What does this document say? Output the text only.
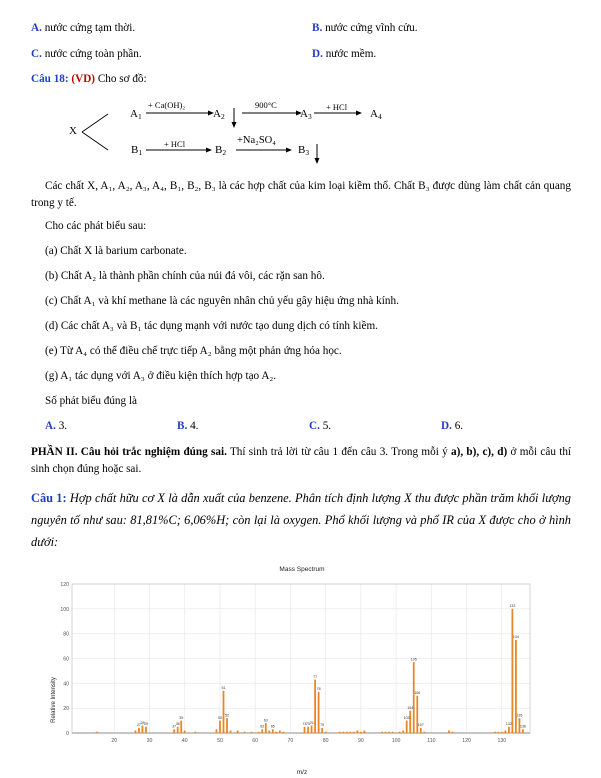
A. nước cứng tạm thời.	B. nước cứng vĩnh cửu.
C. nước cứng toàn phần.	D. nước mềm.
Câu 18: (VD) Cho sơ đồ:
X
$A_1$	$A_2$	$A_3$	$A_4$
$B_1$	$B_2$	$B_3$
+ Ca(OH)₂	900°C	+ HCl
+ HCl	+Na₂SO₄
Các chất X, A₁, A₂, A₃, A₄, B₁, B₂, B₃ là các hợp chất của kim loại kiềm thổ. Chất B₃ được dùng làm chất cản quang trong y tế.
Cho các phát biểu sau:
(a) Chất X là barium carbonate.
(b) Chất A₂ là thành phần chính của núi đá vôi, các rặn san hô.
(c) Chất A₁ và khí methane là các nguyên nhân chủ yếu gây hiệu ứng nhà kính.
(d) Các chất A₃ và B₁ tác dụng mạnh với nước tạo dung dịch có tính kiềm.
(e) Từ A₄ có thể điều chế trực tiếp A₂ bằng một phản ứng hóa học.
(g) A₁ tác dụng với A₃ ở điều kiện thích hợp tạo A₂.
Số phát biểu đúng là
A. 3.	B. 4.	C. 5.	D. 6.
PHẦN II. Câu hỏi trắc nghiệm đúng sai. Thí sinh trả lời từ câu 1 đến câu 3. Trong mỗi ý a), b), c), d) ở mỗi câu thí sinh chọn đúng hoặc sai.
Câu 1: Hợp chất hữu cơ X là dẫn xuất của benzene. Phân tích định lượng X thu được phần trăm khối lượng nguyên tố như sau: 81,81%C; 6,06%H; còn lại là oxygen. Phổ khối lượng và phổ IR của X được cho ở hình dưới:
Mass Spectrum
m/z
Relative Intensity
0
20
40
60
80
100
120
20	30	40	50	60	70	80	90	100	110	120	130
27
28 29
37
38
39	50
51
52
62
63
65
74 75 76
77
78
79
103
104
105
106
107	132
133
134
135
136
